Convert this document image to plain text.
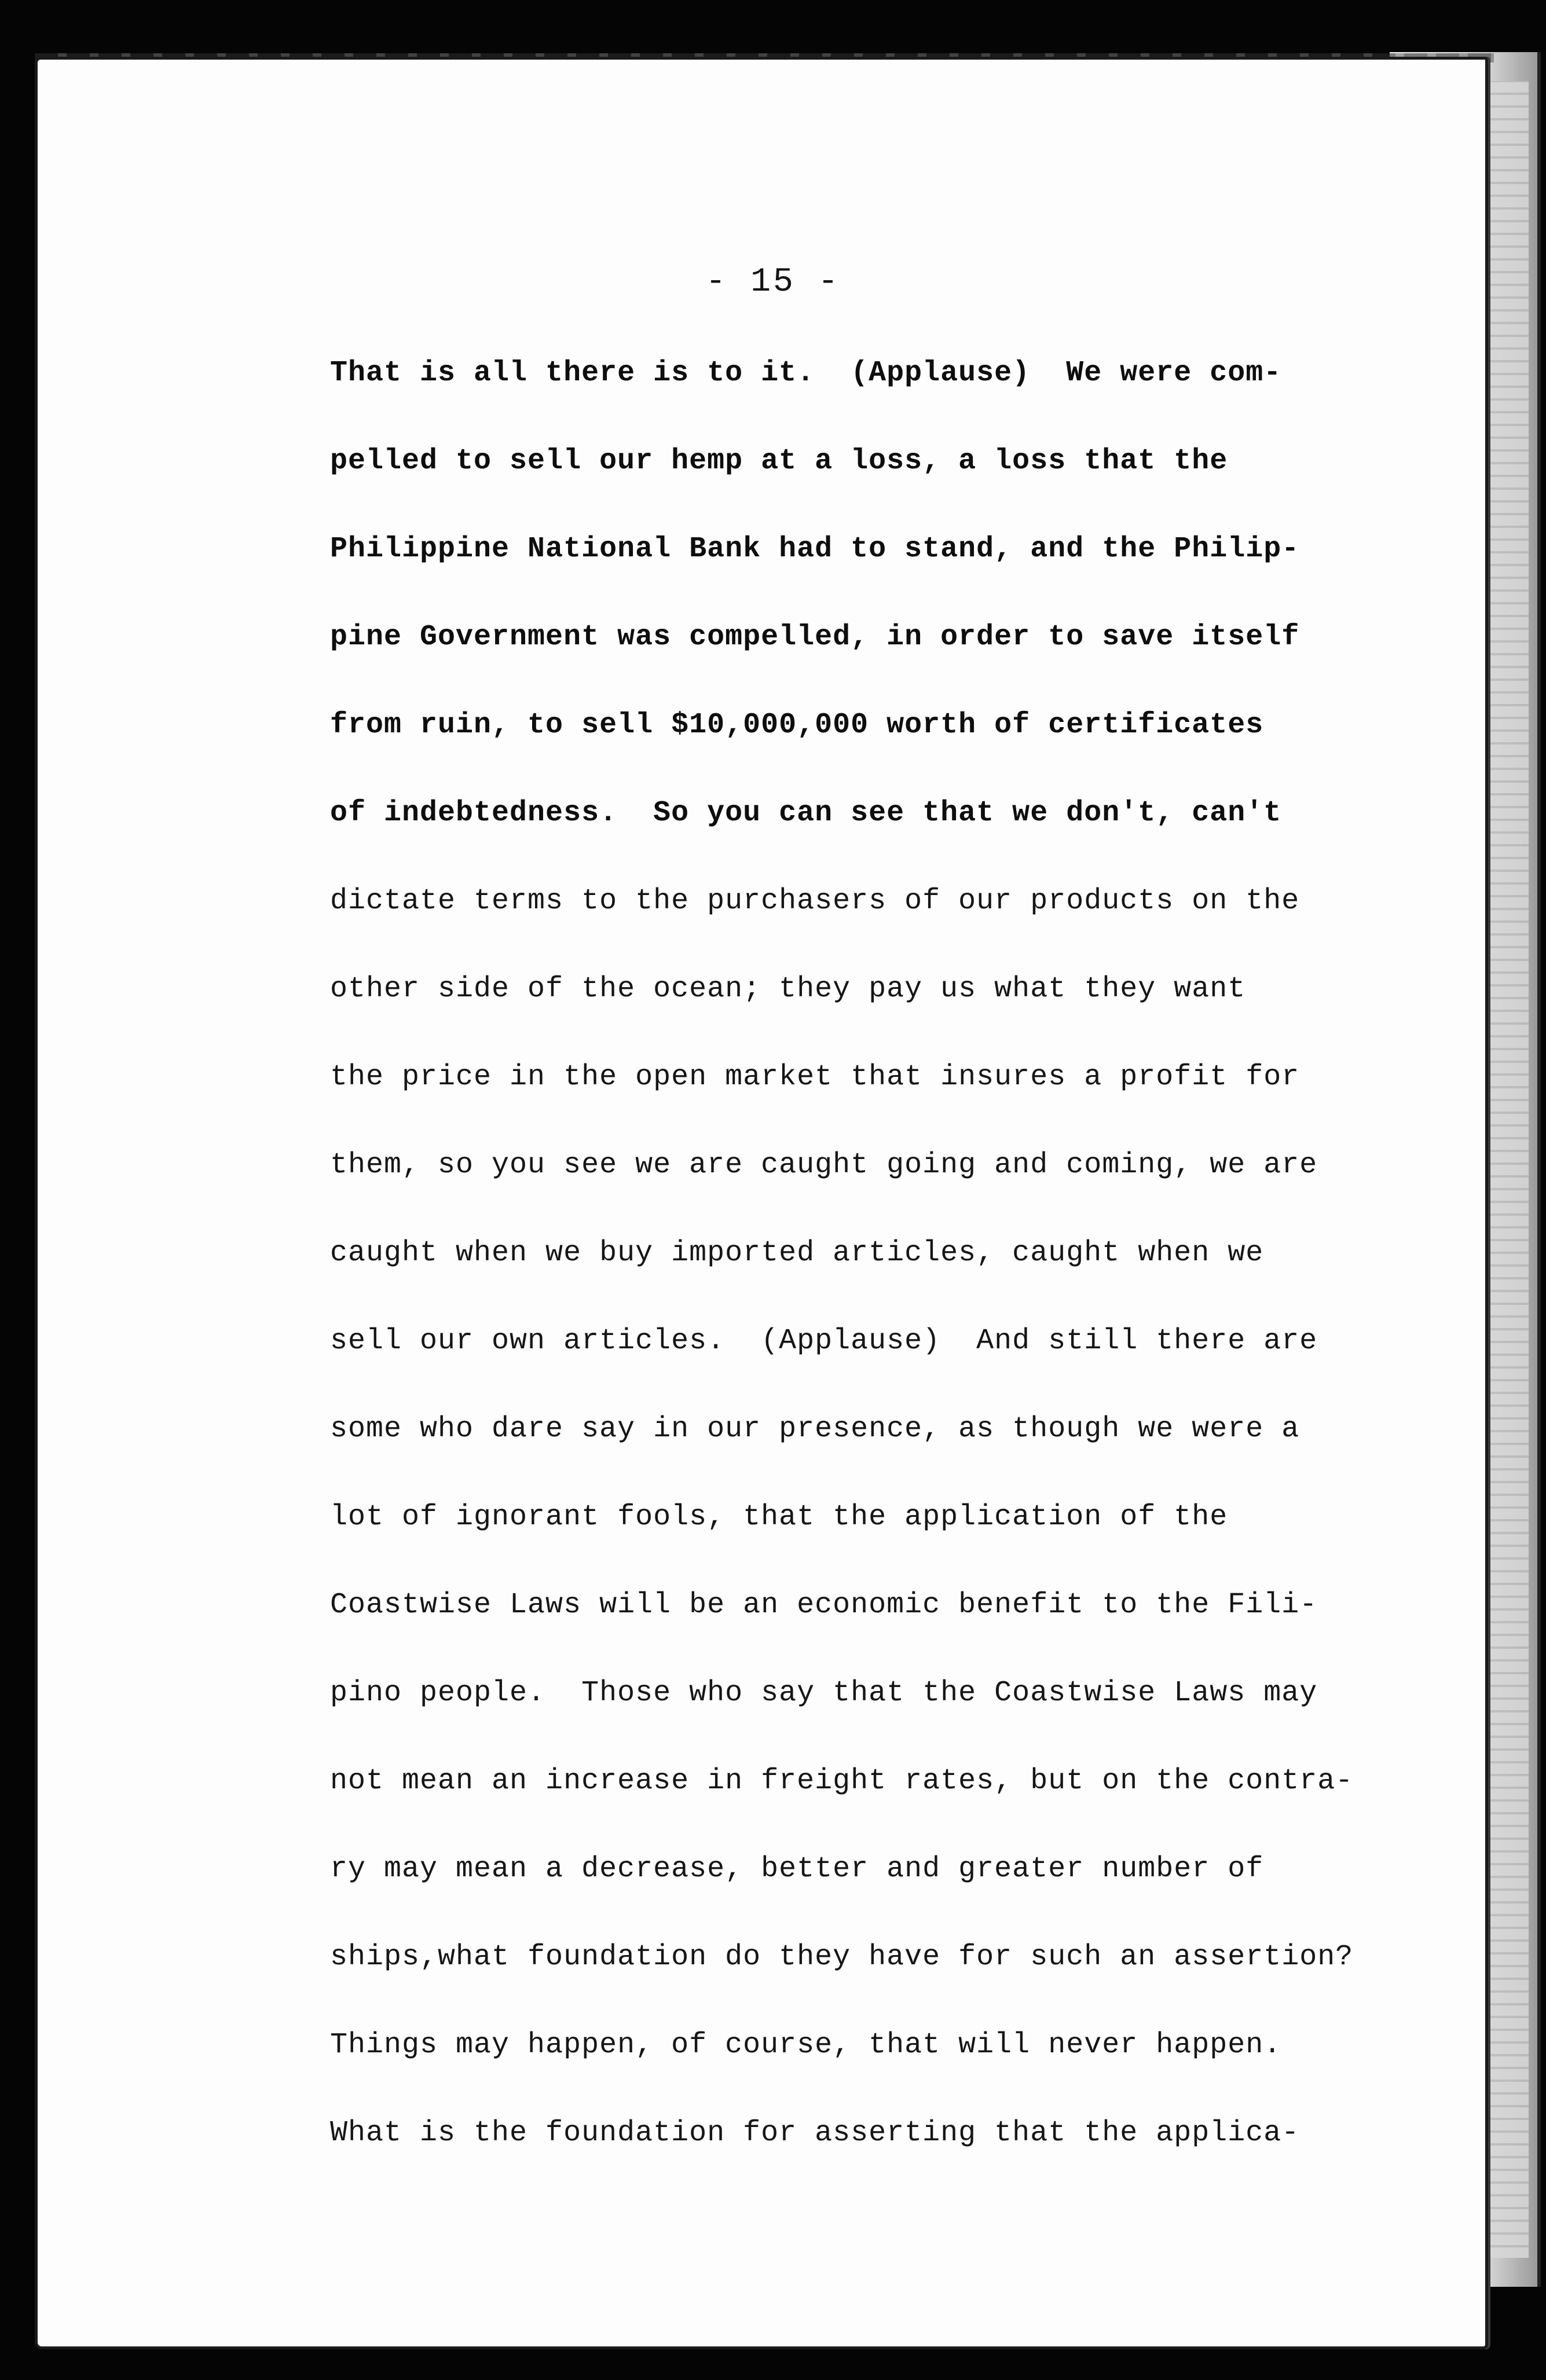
- 15 -
That is all there is to it.  (Applause)  We were com-
pelled to sell our hemp at a loss, a loss that the
Philippine National Bank had to stand, and the Philip-
pine Government was compelled, in order to save itself
from ruin, to sell $10,000,000 worth of certificates
of indebtedness.  So you can see that we don't, can't
dictate terms to the purchasers of our products on the
other side of the ocean; they pay us what they want
the price in the open market that insures a profit for
them, so you see we are caught going and coming, we are
caught when we buy imported articles, caught when we
sell our own articles.  (Applause)  And still there are
some who dare say in our presence, as though we were a
lot of ignorant fools, that the application of the
Coastwise Laws will be an economic benefit to the Fili-
pino people.  Those who say that the Coastwise Laws may
not mean an increase in freight rates, but on the contra-
ry may mean a decrease, better and greater number of
ships,what foundation do they have for such an assertion?
Things may happen, of course, that will never happen.
What is the foundation for asserting that the applica-
